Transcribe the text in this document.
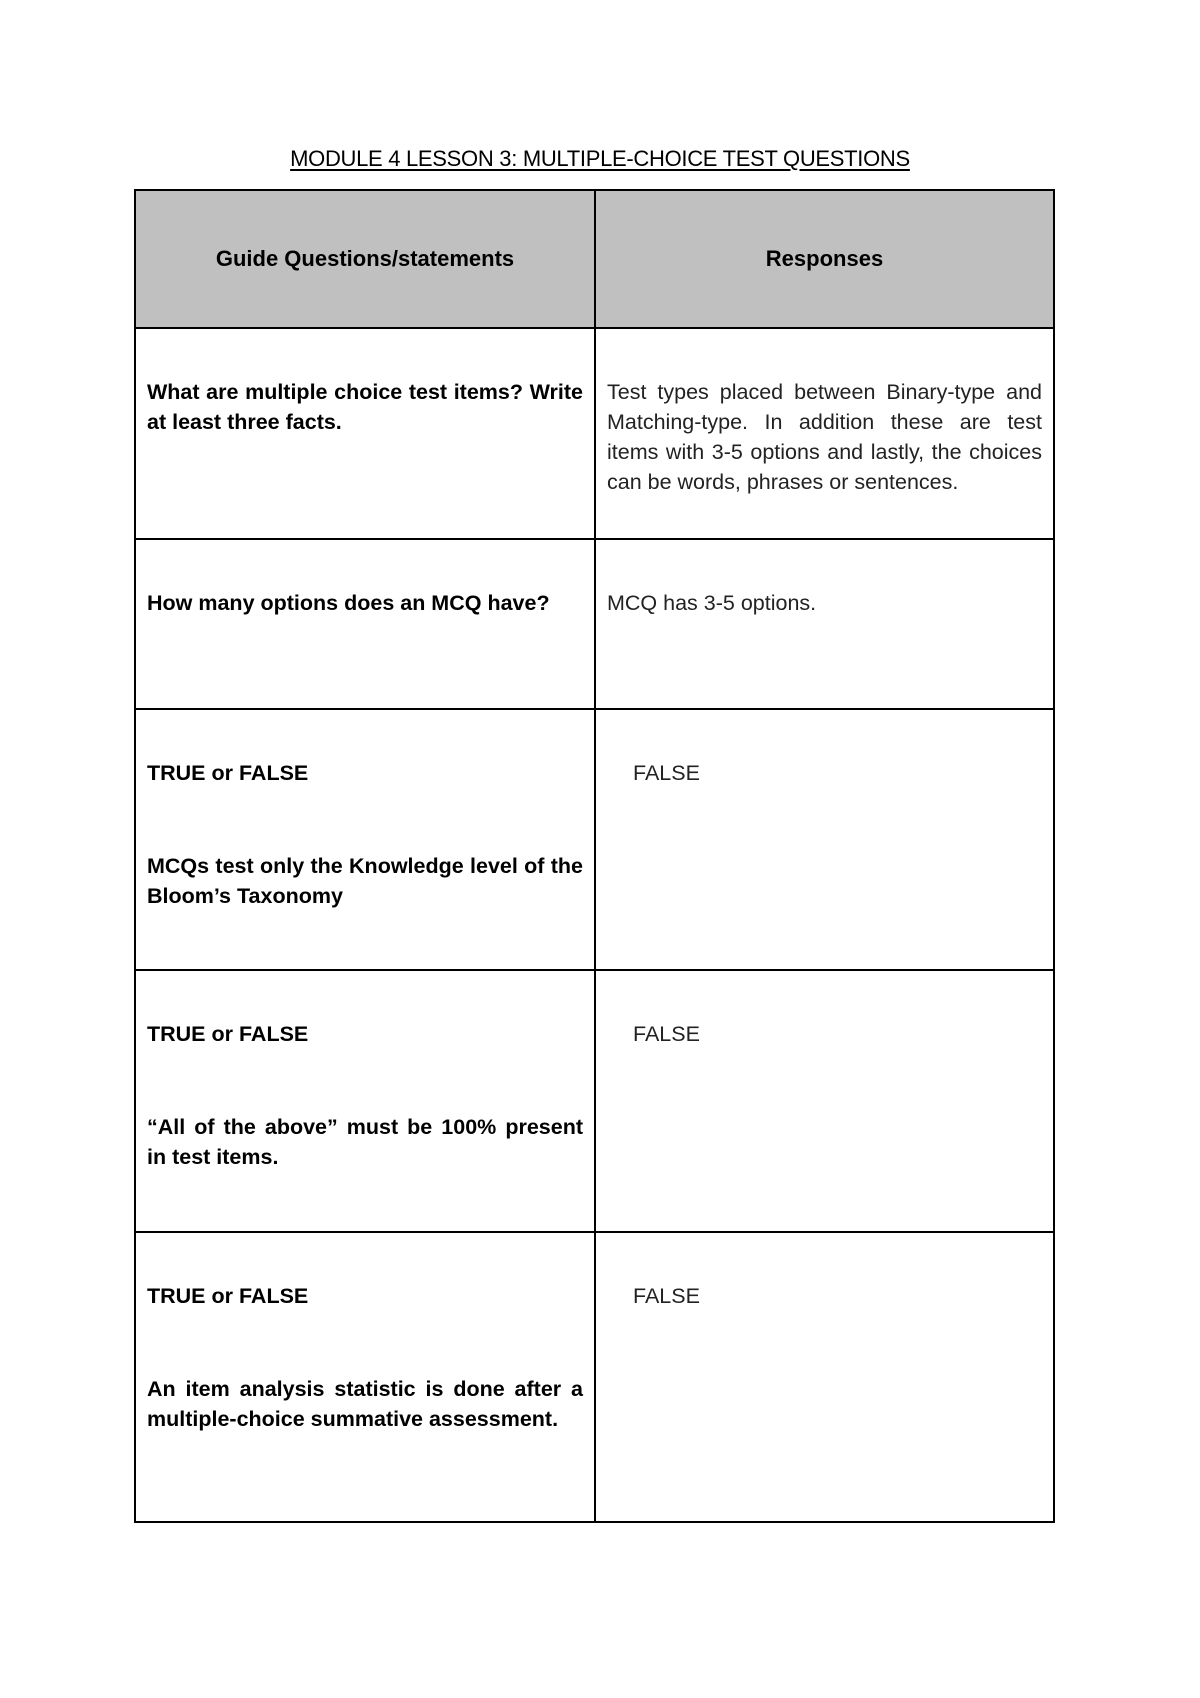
MODULE 4 LESSON 3: MULTIPLE-CHOICE TEST QUESTIONS
Guide Questions/statements	Responses

What are multiple choice test items? Write at least three facts.	Test types placed between Binary-type and Matching-type. In addition these are test items with 3-5 options and lastly, the choices can be words, phrases or sentences.

How many options does an MCQ have?	MCQ has 3-5 options.

TRUE or FALSE
MCQs test only the Knowledge level of the Bloom’s Taxonomy	FALSE

TRUE or FALSE
“All of the above” must be 100% present in test items.	FALSE

TRUE or FALSE
An item analysis statistic is done after a multiple-choice summative assessment.	FALSE
